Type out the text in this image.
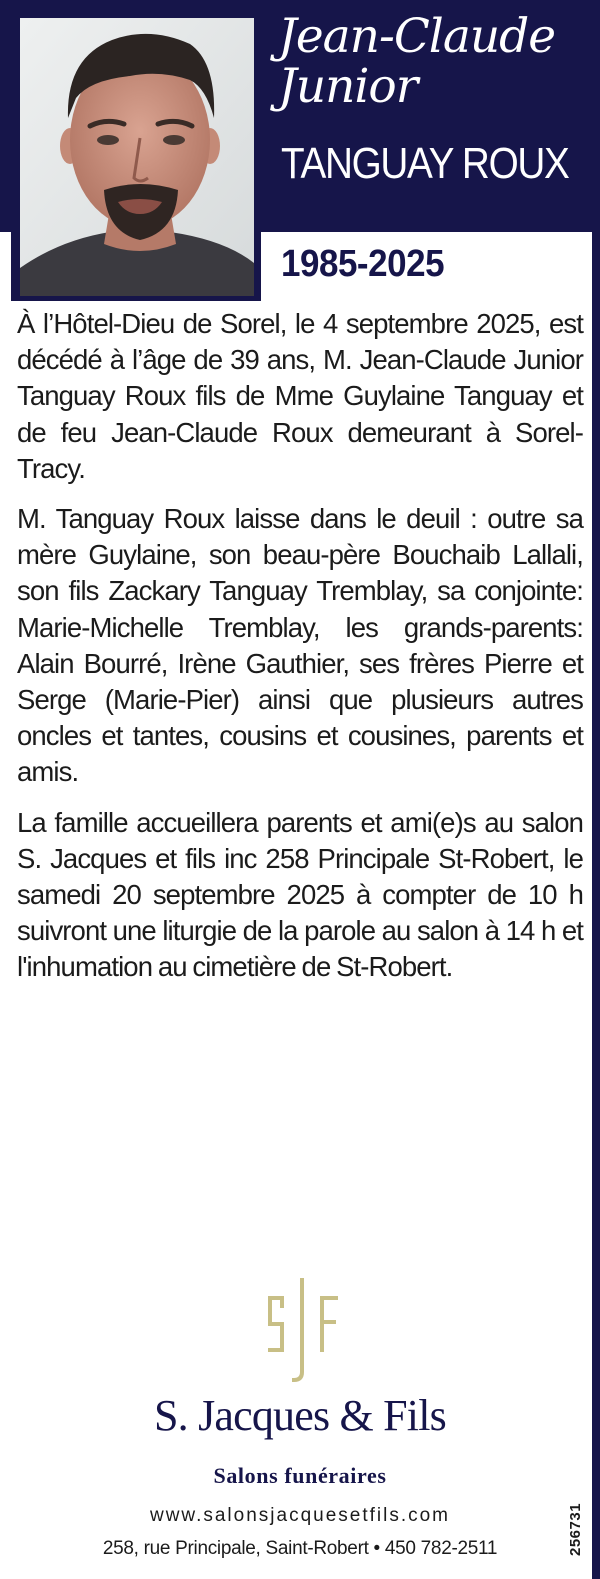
Jean-Claude
Junior
TANGUAY ROUX
1985-2025

À l’Hôtel-Dieu de Sorel, le 4 septembre 2025, est décédé à l’âge de 39 ans, M. Jean-Claude Junior Tanguay Roux fils de Mme Guylaine Tanguay et de feu Jean-Claude Roux demeurant à Sorel-Tracy.

M. Tanguay Roux laisse dans le deuil : outre sa mère Guylaine, son beau-père Bouchaib Lallali, son fils Zackary Tanguay Tremblay, sa conjointe: Marie-Michelle Tremblay, les grands-parents: Alain Bourré, Irène Gauthier, ses frères Pierre et Serge (Marie-Pier) ainsi que plusieurs autres oncles et tantes, cousins et cousines, parents et amis.

La famille accueillera parents et ami(e)s au salon S. Jacques et fils inc 258 Principale St-Robert, le samedi 20 septembre 2025 à compter de 10 h suivront une liturgie de la parole au salon à 14 h et l'inhumation au cimetière de St-Robert.

S. Jacques & Fils
Salons funéraires
www.salonsjacquesetfils.com
258, rue Principale, Saint-Robert • 450 782-2511	256731
